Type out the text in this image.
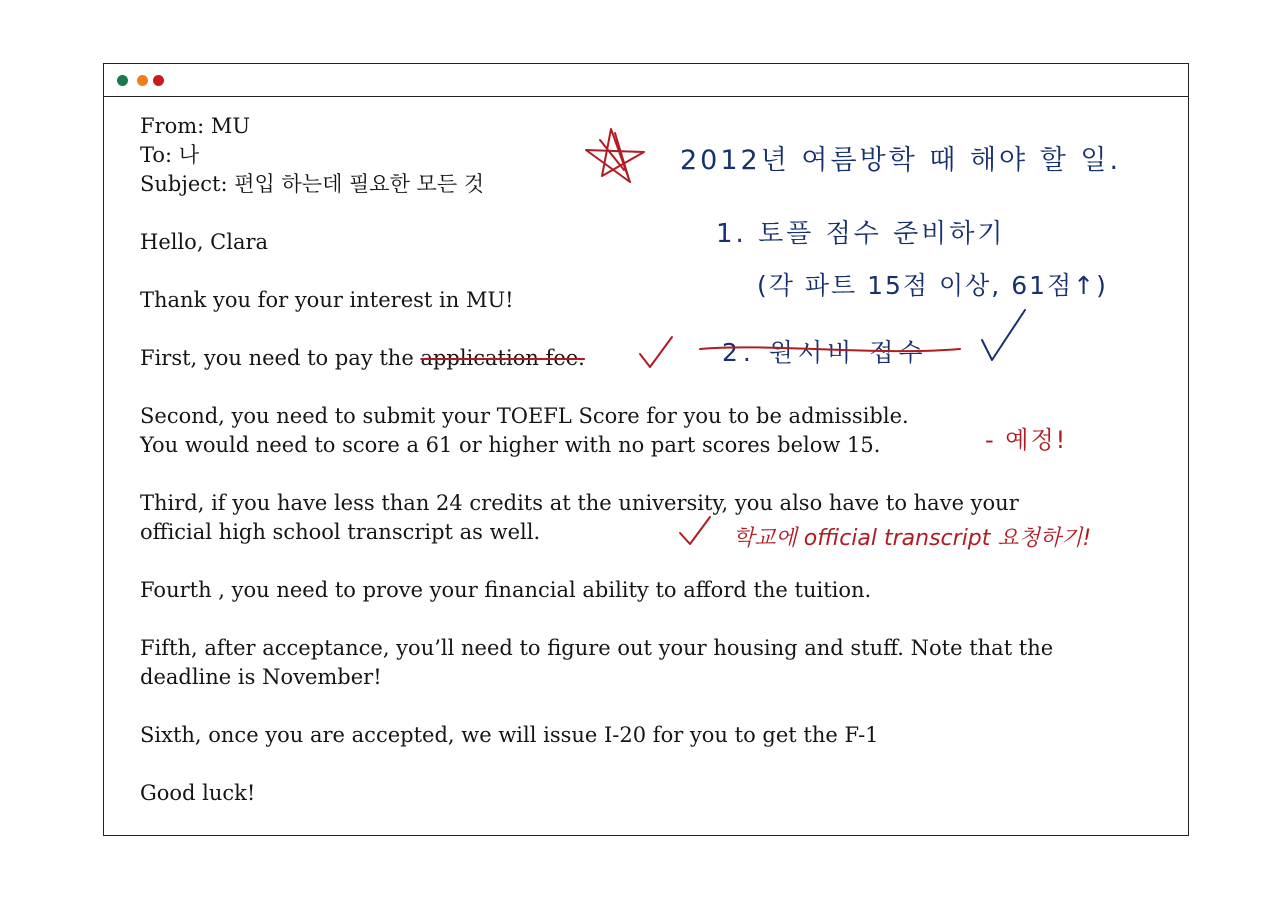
From: MU

To: 나

Subject: 편입 하는데 필요한 모든 것

Hello, Clara

Thank you for your interest in MU!

First, you need to pay the application fee.

Second, you need to submit your TOEFL Score for you to be admissible.

You would need to score a 61 or higher with no part scores below 15.

Third, if you have less than 24 credits at the university, you also have to have your

official high school transcript as well.

Fourth , you need to prove your financial ability to afford the tuition.

Fifth, after acceptance, you’ll need to figure out your housing and stuff. Note that the

deadline is November!

Sixth, once you are accepted, we will issue I-20 for you to get the F-1

Good luck!

2012년 여름방학 때 해야 할 일.
1. 토플 점수 준비하기
(각 파트 15점 이상, 61점↑)
2. 원서비 접수
- 예정!
학교에 official transcript 요청하기!
